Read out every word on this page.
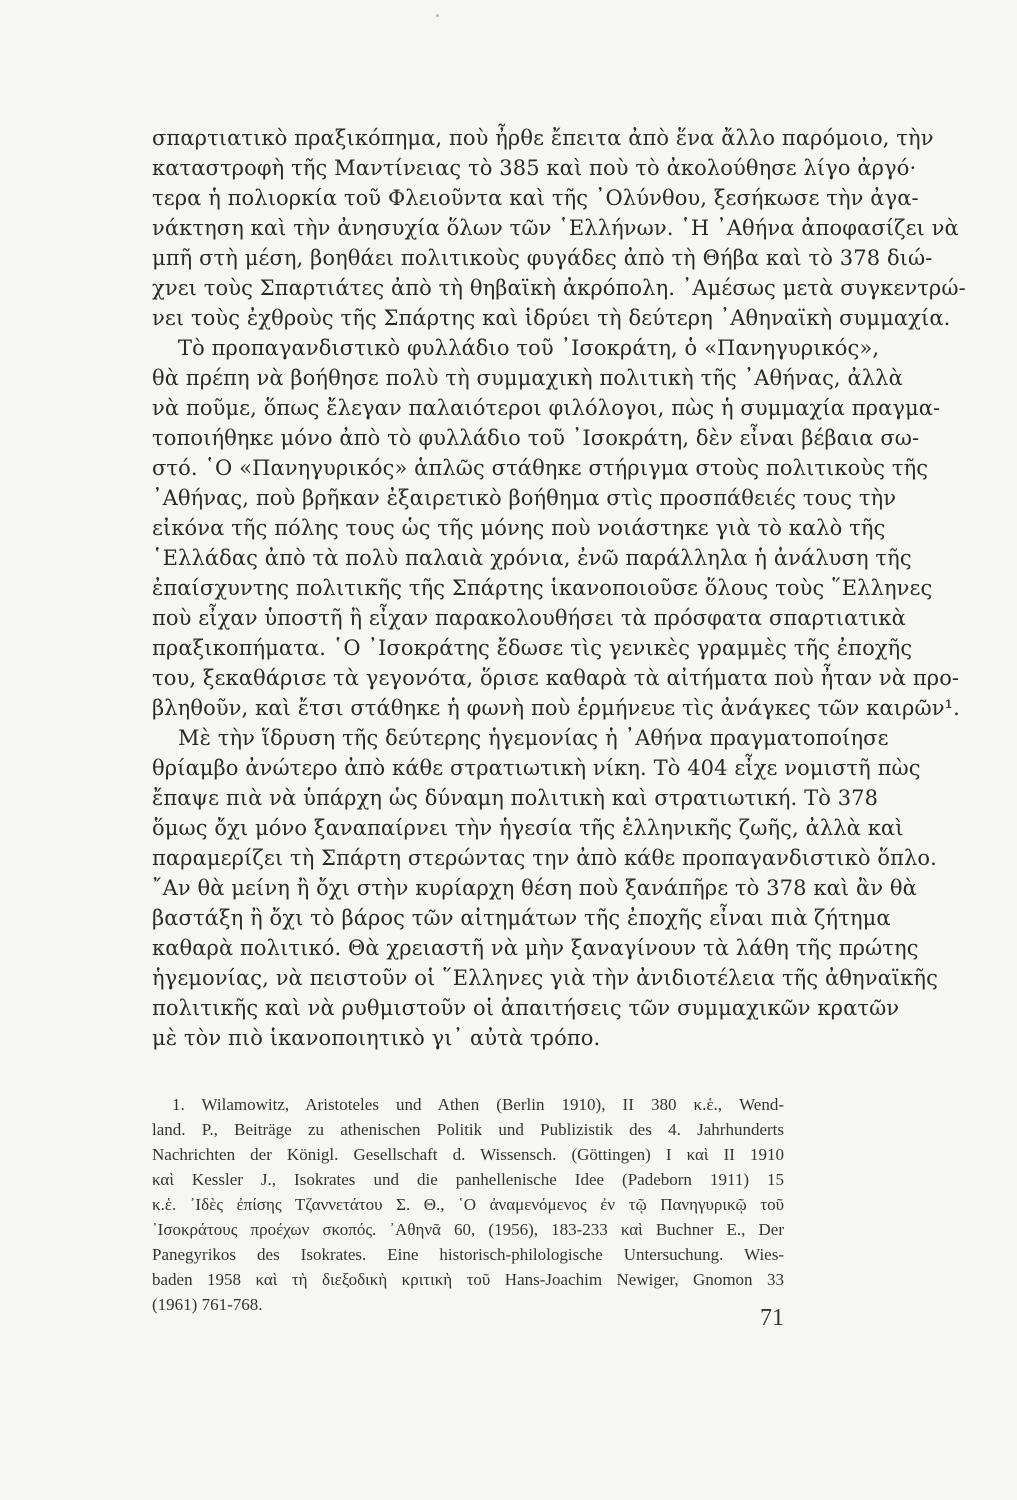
σπαρτιατικὸ πραξικόπημα, ποὺ ἦρθε ἔπειτα ἀπὸ ἕνα ἄλλο παρόμοιο, τὴν
καταστροφὴ τῆς Μαντίνειας τὸ 385 καὶ ποὺ τὸ ἀκολούθησε λίγο ἀργό·
τερα ἡ πολιορκία τοῦ Φλειοῦντα καὶ τῆς ᾿Ολύνθου, ξεσήκωσε τὴν ἀγα-
νάκτηση καὶ τὴν ἀνησυχία ὅλων τῶν ῾Ελλήνων. ῾Η ᾿Αθήνα ἀποφασίζει νὰ
μπῆ στὴ μέση, βοηθάει πολιτικοὺς φυγάδες ἀπὸ τὴ Θήβα καὶ τὸ 378 διώ-
χνει τοὺς Σπαρτιάτες ἀπὸ τὴ θηβαϊκὴ ἀκρόπολη. ᾿Αμέσως μετὰ συγκεντρώ-
νει τοὺς ἐχθροὺς τῆς Σπάρτης καὶ ἱδρύει τὴ δεύτερη ᾿Αθηναϊκὴ συμμαχία.
Τὸ προπαγανδιστικὸ φυλλάδιο τοῦ ᾿Ισοκράτη, ὁ «Πανηγυρικός»,
θὰ πρέπη νὰ βοήθησε πολὺ τὴ συμμαχικὴ πολιτικὴ τῆς ᾿Αθήνας, ἀλλὰ
νὰ ποῦμε, ὅπως ἔλεγαν παλαιότεροι φιλόλογοι, πὼς ἡ συμμαχία πραγμα-
τοποιήθηκε μόνο ἀπὸ τὸ φυλλάδιο τοῦ ᾿Ισοκράτη, δὲν εἶναι βέβαια σω-
στό. ῾Ο «Πανηγυρικός» ἁπλῶς στάθηκε στήριγμα στοὺς πολιτικοὺς τῆς
᾿Αθήνας, ποὺ βρῆκαν ἐξαιρετικὸ βοήθημα στὶς προσπάθειές τους τὴν
εἰκόνα τῆς πόλης τους ὡς τῆς μόνης ποὺ νοιάστηκε γιὰ τὸ καλὸ τῆς
῾Ελλάδας ἀπὸ τὰ πολὺ παλαιὰ χρόνια, ἐνῶ παράλληλα ἡ ἀνάλυση τῆς
ἐπαίσχυντης πολιτικῆς τῆς Σπάρτης ἱκανοποιοῦσε ὅλους τοὺς ῞Ελληνες
ποὺ εἶχαν ὑποστῆ ἢ εἶχαν παρακολουθήσει τὰ πρόσφατα σπαρτιατικὰ
πραξικοπήματα. ῾Ο ᾿Ισοκράτης ἔδωσε τὶς γενικὲς γραμμὲς τῆς ἐποχῆς
του, ξεκαθάρισε τὰ γεγονότα, ὅρισε καθαρὰ τὰ αἰτήματα ποὺ ἦταν νὰ προ-
βληθοῦν, καὶ ἔτσι στάθηκε ἡ φωνὴ ποὺ ἑρμήνευε τὶς ἀνάγκες τῶν καιρῶν¹.
Μὲ τὴν ἵδρυση τῆς δεύτερης ἡγεμονίας ἡ ᾿Αθήνα πραγματοποίησε
θρίαμβο ἀνώτερο ἀπὸ κάθε στρατιωτικὴ νίκη. Τὸ 404 εἶχε νομιστῆ πὼς
ἔπαψε πιὰ νὰ ὑπάρχη ὡς δύναμη πολιτικὴ καὶ στρατιωτική. Τὸ 378
ὅμως ὄχι μόνο ξαναπαίρνει τὴν ἡγεσία τῆς ἑλληνικῆς ζωῆς, ἀλλὰ καὶ
παραμερίζει τὴ Σπάρτη στερώντας την ἀπὸ κάθε προπαγανδιστικὸ ὅπλο.
῎Αν θὰ μείνη ἢ ὄχι στὴν κυρίαρχη θέση ποὺ ξανάπῆρε τὸ 378 καὶ ἂν θὰ
βαστάξη ἢ ὄχι τὸ βάρος τῶν αἰτημάτων τῆς ἐποχῆς εἶναι πιὰ ζήτημα
καθαρὰ πολιτικό. Θὰ χρειαστῆ νὰ μὴν ξαναγίνουν τὰ λάθη τῆς πρώτης
ἡγεμονίας, νὰ πειστοῦν οἱ ῞Ελληνες γιὰ τὴν ἀνιδιοτέλεια τῆς ἀθηναϊκῆς
πολιτικῆς καὶ νὰ ρυθμιστοῦν οἱ ἀπαιτήσεις τῶν συμμαχικῶν κρατῶν
μὲ τὸν πιὸ ἱκανοποιητικὸ γι᾿ αὐτὰ τρόπο.
1. Wilamowitz, Aristoteles und Athen (Berlin 1910), II 380 κ.ἑ., Wend-
land. P., Beiträge zu athenischen Politik und Publizistik des 4. Jahrhunderts
Nachrichten der Königl. Gesellschaft d. Wissensch. (Göttingen) I καὶ II 1910
καὶ Kessler J., Isokrates und die panhellenische Idee (Padeborn 1911) 15
κ.ἑ. ᾿Ιδὲς ἐπίσης Τζαννετάτου Σ. Θ., ῾Ο ἀναμενόμενος ἐν τῷ Πανηγυρικῷ τοῦ
᾿Ισοκράτους προέχων σκοπός. ᾿Αθηνᾶ 60, (1956), 183-233 καὶ Buchner E., Der
Panegyrikos des Isokrates. Eine historisch-philologische Untersuchung. Wies-
baden 1958 καὶ τὴ διεξοδικὴ κριτικὴ τοῦ Hans-Joachim Newiger, Gnomon 33
(1961) 761-768.
71
